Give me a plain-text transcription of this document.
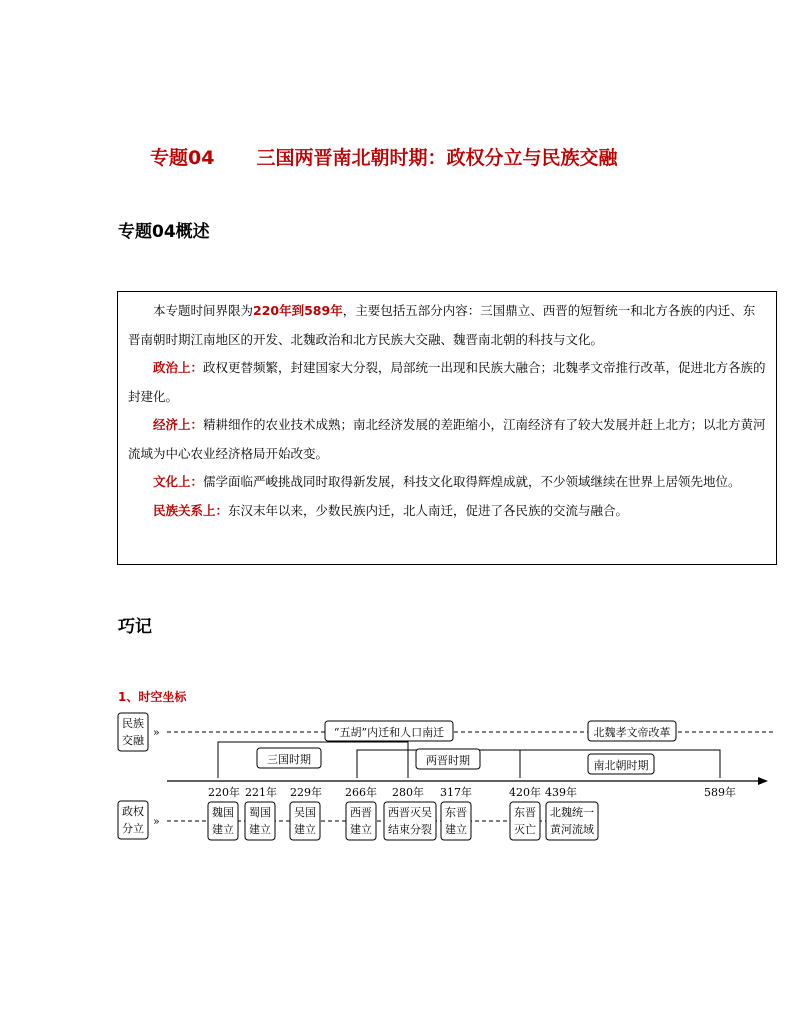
专题04 三国两晋南北朝时期：政权分立与民族交融
专题04概述

本专题时间界限为220年到589年，主要包括五部分内容：三国鼎立、西晋的短暂统一和北方各族的内迁、东晋南朝时期江南地区的开发、北魏政治和北方民族大交融、魏晋南北朝的科技与文化。

政治上：政权更替频繁，封建国家大分裂，局部统一出现和民族大融合；北魏孝文帝推行改革，促进北方各族的封建化。

经济上：精耕细作的农业技术成熟；南北经济发展的差距缩小，江南经济有了较大发展并赶上北方；以北方黄河流域为中心农业经济格局开始改变。

文化上：儒学面临严峻挑战同时取得新发展，科技文化取得辉煌成就，不少领域继续在世界上居领先地位。

民族关系上：东汉末年以来，少数民族内迁，北人南迁，促进了各民族的交流与融合。

巧记
1、时空坐标
民族
交融
政权
分立
»
»
“五胡”内迁和人口南迁	北魏孝文帝改革
三国时期	两晋时期	南北朝时期
220年 221年 229年 266年 280年 317年	420年 439年	589年
魏国
建立
蜀国
建立
吴国
建立
西晋
建立
西晋灭吴
结束分裂
东晋
建立
东晋
灭亡
北魏统一
黄河流域
